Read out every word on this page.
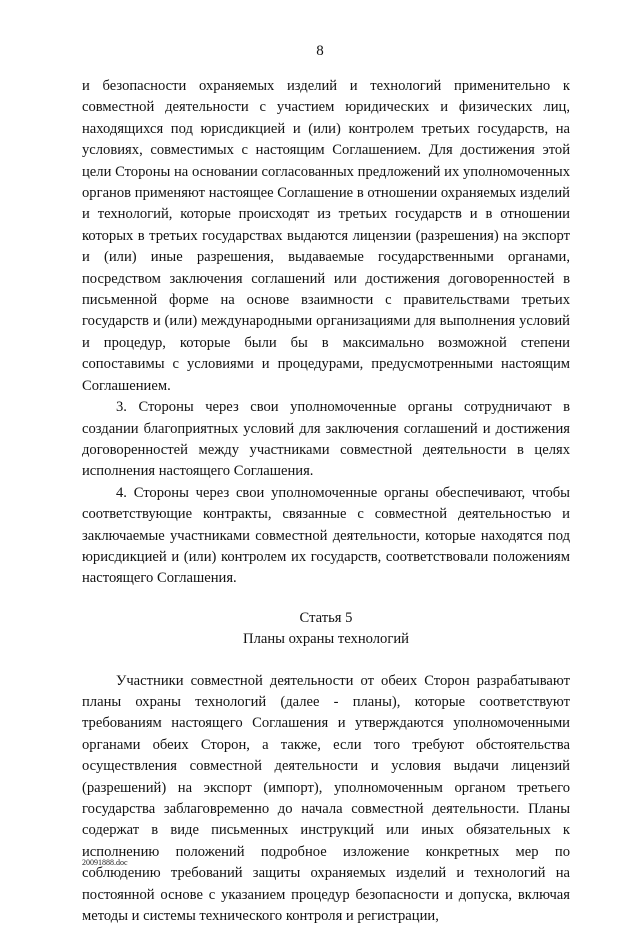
8

и безопасности охраняемых изделий и технологий применительно к совместной деятельности с участием юридических и физических лиц, находящихся под юрисдикцией и (или) контролем третьих государств, на условиях, совместимых с настоящим Соглашением. Для достижения этой цели Стороны на основании согласованных предложений их уполномоченных органов применяют настоящее Соглашение в отношении охраняемых изделий и технологий, которые происходят из третьих государств и в отношении которых в третьих государствах выдаются лицензии (разрешения) на экспорт и (или) иные разрешения, выдаваемые государственными органами, посредством заключения соглашений или достижения договоренностей в письменной форме на основе взаимности с правительствами третьих государств и (или) международными организациями для выполнения условий и процедур, которые были бы в максимально возможной степени сопоставимы с условиями и процедурами, предусмотренными настоящим Соглашением.

3. Стороны через свои уполномоченные органы сотрудничают в создании благоприятных условий для заключения соглашений и достижения договоренностей между участниками совместной деятельности в целях исполнения настоящего Соглашения.

4. Стороны через свои уполномоченные органы обеспечивают, чтобы соответствующие контракты, связанные с совместной деятельностью и заключаемые участниками совместной деятельности, которые находятся под юрисдикцией и (или) контролем их государств, соответствовали положениям настоящего Соглашения.

Статья 5
Планы охраны технологий

Участники совместной деятельности от обеих Сторон разрабатывают планы охраны технологий (далее - планы), которые соответствуют требованиям настоящего Соглашения и утверждаются уполномоченными органами обеих Сторон, а также, если того требуют обстоятельства осуществления совместной деятельности и условия выдачи лицензий (разрешений) на экспорт (импорт), уполномоченным органом третьего государства заблаговременно до начала совместной деятельности. Планы содержат в виде письменных инструкций или иных обязательных к исполнению положений подробное изложение конкретных мер по соблюдению требований защиты охраняемых изделий и технологий на постоянной основе с указанием процедур безопасности и допуска, включая методы и системы технического контроля и регистрации,

20091888.doc
